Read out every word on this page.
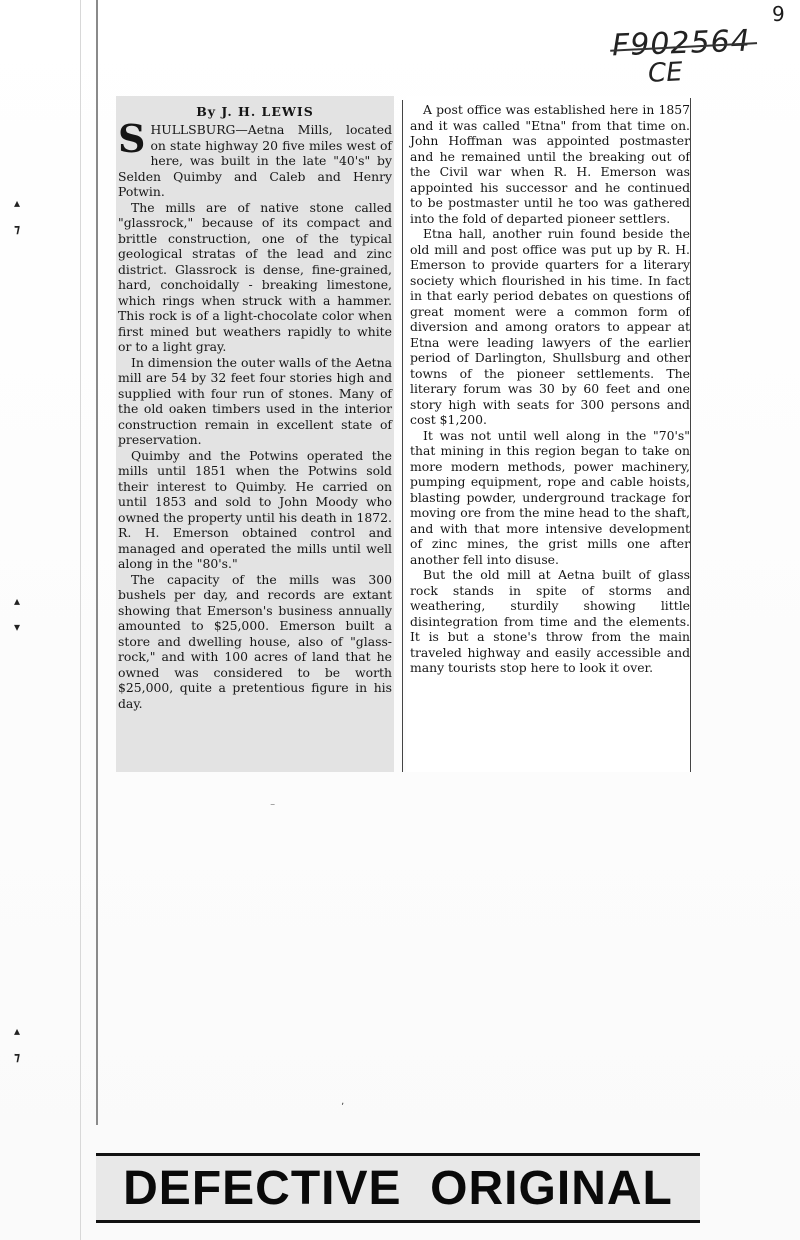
9
F902564
CE
▴
⁊
▴
▾
▴
⁊
By J. H. LEWIS

SHULLSBURG—Aetna Mills, located on state highway 20 five miles west of here, was built in the late "40's" by Selden Quimby and Caleb and Henry Potwin.

The mills are of native stone called "glassrock," because of its compact and brittle construction, one of the typical geological stratas of the lead and zinc district. Glassrock is dense, fine-grained, hard, conchoidally - breaking limestone, which rings when struck with a hammer. This rock is of a light-chocolate color when first mined but weathers rapidly to white or to a light gray.

In dimension the outer walls of the Aetna mill are 54 by 32 feet four stories high and supplied with four run of stones. Many of the old oaken timbers used in the interior construction remain in excellent state of preservation.

Quimby and the Potwins operated the mills until 1851 when the Potwins sold their interest to Quimby. He carried on until 1853 and sold to John Moody who owned the property until his death in 1872. R. H. Emerson obtained control and managed and operated the mills until well along in the "80's."

The capacity of the mills was 300 bushels per day, and records are extant showing that Emerson's business annually amounted to $25,000. Emerson built a store and dwelling house, also of "glass-rock," and with 100 acres of land that he owned was considered to be worth $25,000, quite a pretentious figure in his day.

A post office was established here in 1857 and it was called "Etna" from that time on. John Hoffman was appointed postmaster and he remained until the breaking out of the Civil war when R. H. Emerson was appointed his successor and he continued to be postmaster until he too was gathered into the fold of departed pioneer settlers.

Etna hall, another ruin found beside the old mill and post office was put up by R. H. Emerson to provide quarters for a literary society which flourished in his time. In fact in that early period debates on questions of great moment were a common form of diversion and among orators to appear at Etna were leading lawyers of the earlier period of Darlington, Shullsburg and other towns of the pioneer settlements. The literary forum was 30 by 60 feet and one story high with seats for 300 persons and cost $1,200.

It was not until well along in the "70's" that mining in this region began to take on more modern methods, power machinery, pumping equipment, rope and cable hoists, blasting powder, underground trackage for moving ore from the mine head to the shaft, and with that more intensive development of zinc mines, the grist mills one after another fell into disuse.

But the old mill at Aetna built of glass rock stands in spite of storms and weathering, sturdily showing little disintegration from time and the elements. It is but a stone's throw from the main traveled highway and easily accessible and many tourists stop here to look it over.

⁻
ʼ
DEFECTIVE  ORIGINAL
